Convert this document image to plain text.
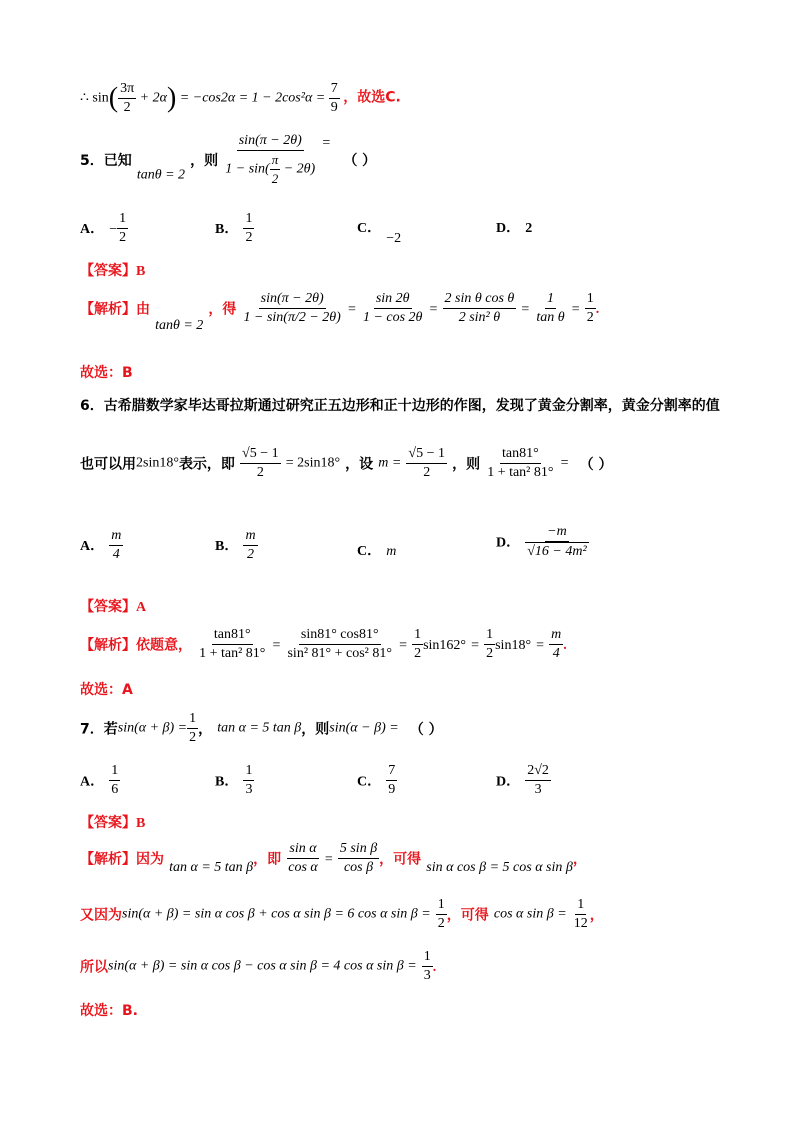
∴ $\sin( \frac{3\pi}{2} + 2\alpha) = -\cos 2\alpha = 1 - 2\cos^2\alpha = \frac{7}{9}$ ，故选C.
5．已知 tanθ = 2 ，则 $\frac{\sin(\pi - 2\theta)}{1 - \sin( \frac{\pi}{2} - 2\theta)}$ = （ ）
A． − $\frac{1}{2}$	B． $\frac{1}{2}$	C． −2
D． 2
【答案】B
【解析】由 tanθ = 2 ，得 $\frac{\sin(\pi - 2\theta)}{1 - \sin(\pi/2 - 2\theta)} = \frac{\sin 2\theta}{1 - \cos 2\theta} = \frac{\text{2 sin θ cos θ}}{\text{2 sin² θ}} = \frac{1}{\text{tan θ}} = \frac{1}{2}$ .
故选：B
6．古希腊数学家毕达哥拉斯通过研究正五边形和正十边形的作图，发现了黄金分割率，黄金分割率的值
也可以用2sin18°表示，即 $\frac{√5 - 1}{2} = 2\sin 18^\circ$ ，设 $m = \frac{√5 - 1}{2}$ ，则 $\frac{\tan 81^\circ}{\text{1 + tan² 81°}}$ = （ ）
A． $\frac{m}{4}$	B． $\frac{m}{2}$	C． m
D． $\frac{-m}{\text{√16 − 4m²}}$
【答案】A
【解析】依题意， $\frac{\tan 81^\circ}{\text{1 + tan² 81°}} = \frac{\sin 81^\circ \cos 81^\circ}{\text{sin² 81° + cos² 81°}} = \frac{1}{2} \sin 162^\circ = \frac{1}{2} \sin 18^\circ = \frac{m}{4}$ .
故选：A
7．若$\sin(\alpha + \beta) = \frac{1}{2}$ ， tan α = 5 tan β，则sin(α − β) = （ ）
A． $\frac{1}{6}$	B． $\frac{1}{3}$	C． $\frac{7}{9}$	D． $\frac{2√2}{3}$
【答案】B
【解析】因为 tan α = 5 tan β，即 $\frac{\text{sin α}}{\text{cos α}} = \frac{\text{5 sin β}}{\text{cos β}}$ ，可得 sin α cos β = 5 cos α sin β，
又因为sin(α + β) = sin α cos β + cos α sin β = 6 cos α $\sin \beta = \frac{1}{2}$ ，可得 cos α $\sin \beta = \frac{1}{12}$ ，
所以sin(α + β) = sin α cos β − cos α sin β = 4 cos α $\sin \beta = \frac{1}{3}$ .
故选：B.
